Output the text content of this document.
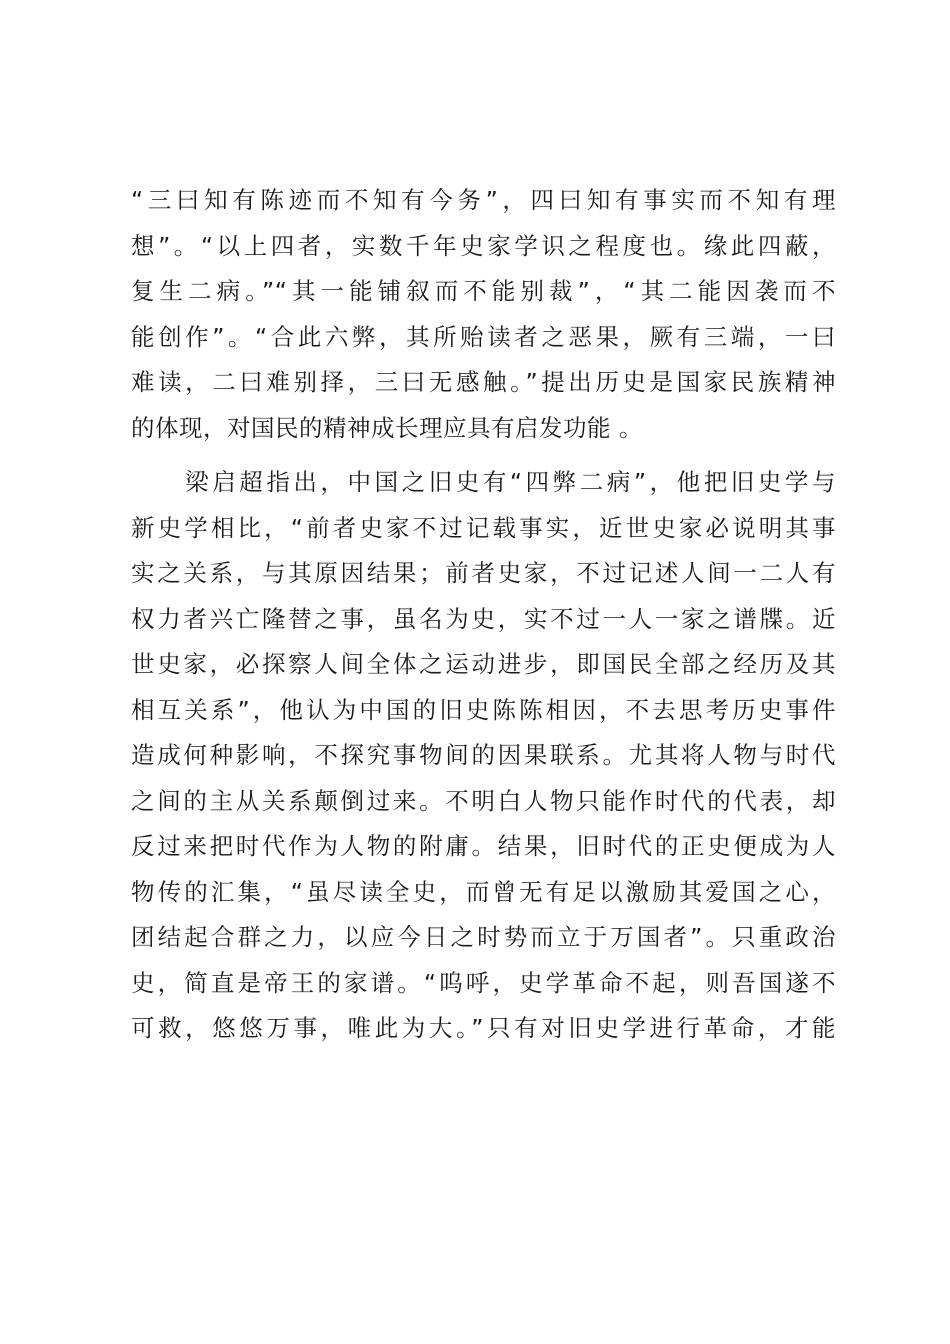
“三曰知有陈迹而不知有今务”，四曰知有事实而不知有理
想”。“以上四者，实数千年史家学识之程度也。缘此四蔽，
复生二病。”“其一能铺叙而不能别裁”，“其二能因袭而不
能创作”。“合此六弊，其所贻读者之恶果，厥有三端，一曰
难读，二曰难别择，三曰无感触。”提出历史是国家民族精神
的体现，对国民的精神成长理应具有启发功能 。
　　梁启超指出，中国之旧史有“四弊二病”，他把旧史学与
新史学相比，“前者史家不过记载事实，近世史家必说明其事
实之关系，与其原因结果；前者史家，不过记述人间一二人有
权力者兴亡隆替之事，虽名为史，实不过一人一家之谱牒。近
世史家，必探察人间全体之运动进步，即国民全部之经历及其
相互关系”，他认为中国的旧史陈陈相因，不去思考历史事件
造成何种影响，不探究事物间的因果联系。尤其将人物与时代
之间的主从关系颠倒过来。不明白人物只能作时代的代表，却
反过来把时代作为人物的附庸。结果，旧时代的正史便成为人
物传的汇集，“虽尽读全史，而曾无有足以激励其爱国之心，
团结起合群之力，以应今日之时势而立于万国者”。只重政治
史，简直是帝王的家谱。“呜呼，史学革命不起，则吾国遂不
可救，悠悠万事，唯此为大。”只有对旧史学进行革命，才能
